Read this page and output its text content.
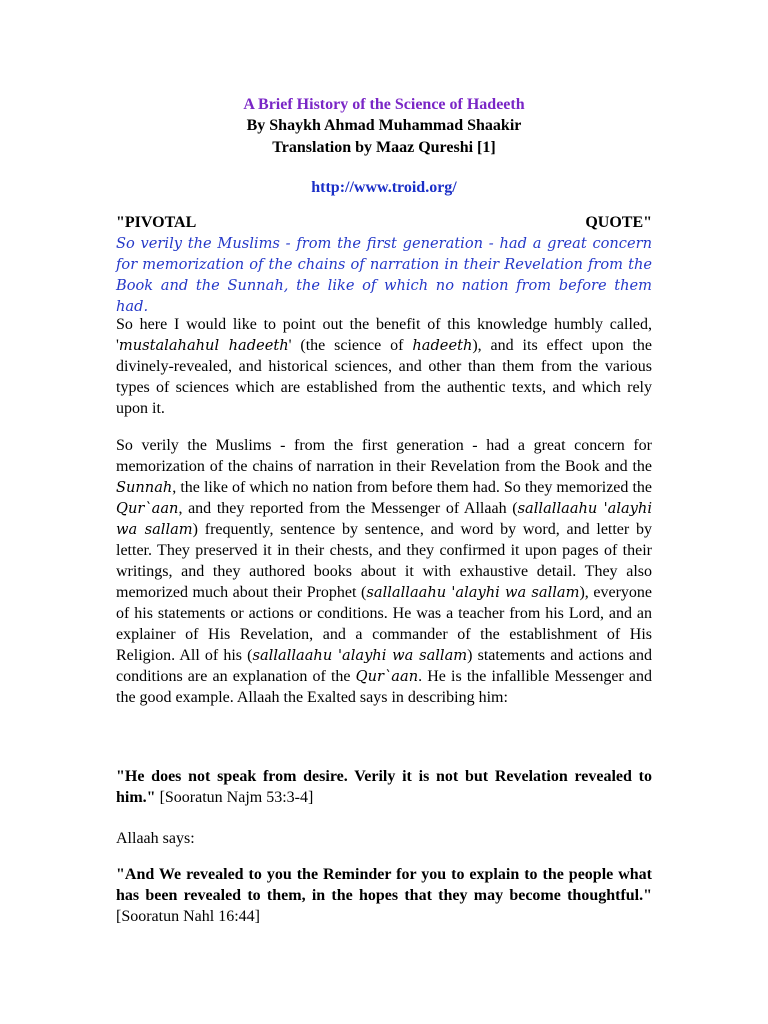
A Brief History of the Science of Hadeeth
By Shaykh Ahmad Muhammad Shaakir
Translation by Maaz Qureshi [1]
http://www.troid.org/
"PIVOTAL	QUOTE"

So verily the Muslims - from the first generation - had a great concern for memorization of the chains of narration in their Revelation from the Book and the Sunnah, the like of which no nation from before them had.

So here I would like to point out the benefit of this knowledge humbly called, 'mustalahahul hadeeth' (the science of hadeeth), and its effect upon the divinely-revealed, and historical sciences, and other than them from the various types of sciences which are established from the authentic texts, and which rely upon it.

So verily the Muslims - from the first generation - had a great concern for memorization of the chains of narration in their Revelation from the Book and the Sunnah, the like of which no nation from before them had. So they memorized the Qur`aan, and they reported from the Messenger of Allaah (sallallaahu 'alayhi wa sallam) frequently, sentence by sentence, and word by word, and letter by letter. They preserved it in their chests, and they confirmed it upon pages of their writings, and they authored books about it with exhaustive detail. They also memorized much about their Prophet (sallallaahu 'alayhi wa sallam), everyone of his statements or actions or conditions. He was a teacher from his Lord, and an explainer of His Revelation, and a commander of the establishment of His Religion. All of his (sallallaahu 'alayhi wa sallam) statements and actions and conditions are an explanation of the Qur`aan. He is the infallible Messenger and the good example. Allaah the Exalted says in describing him:

"He does not speak from desire. Verily it is not but Revelation revealed to him." [Sooratun Najm 53:3-4]

Allaah says:

"And We revealed to you the Reminder for you to explain to the people what has been revealed to them, in the hopes that they may become thoughtful." [Sooratun Nahl 16:44]
